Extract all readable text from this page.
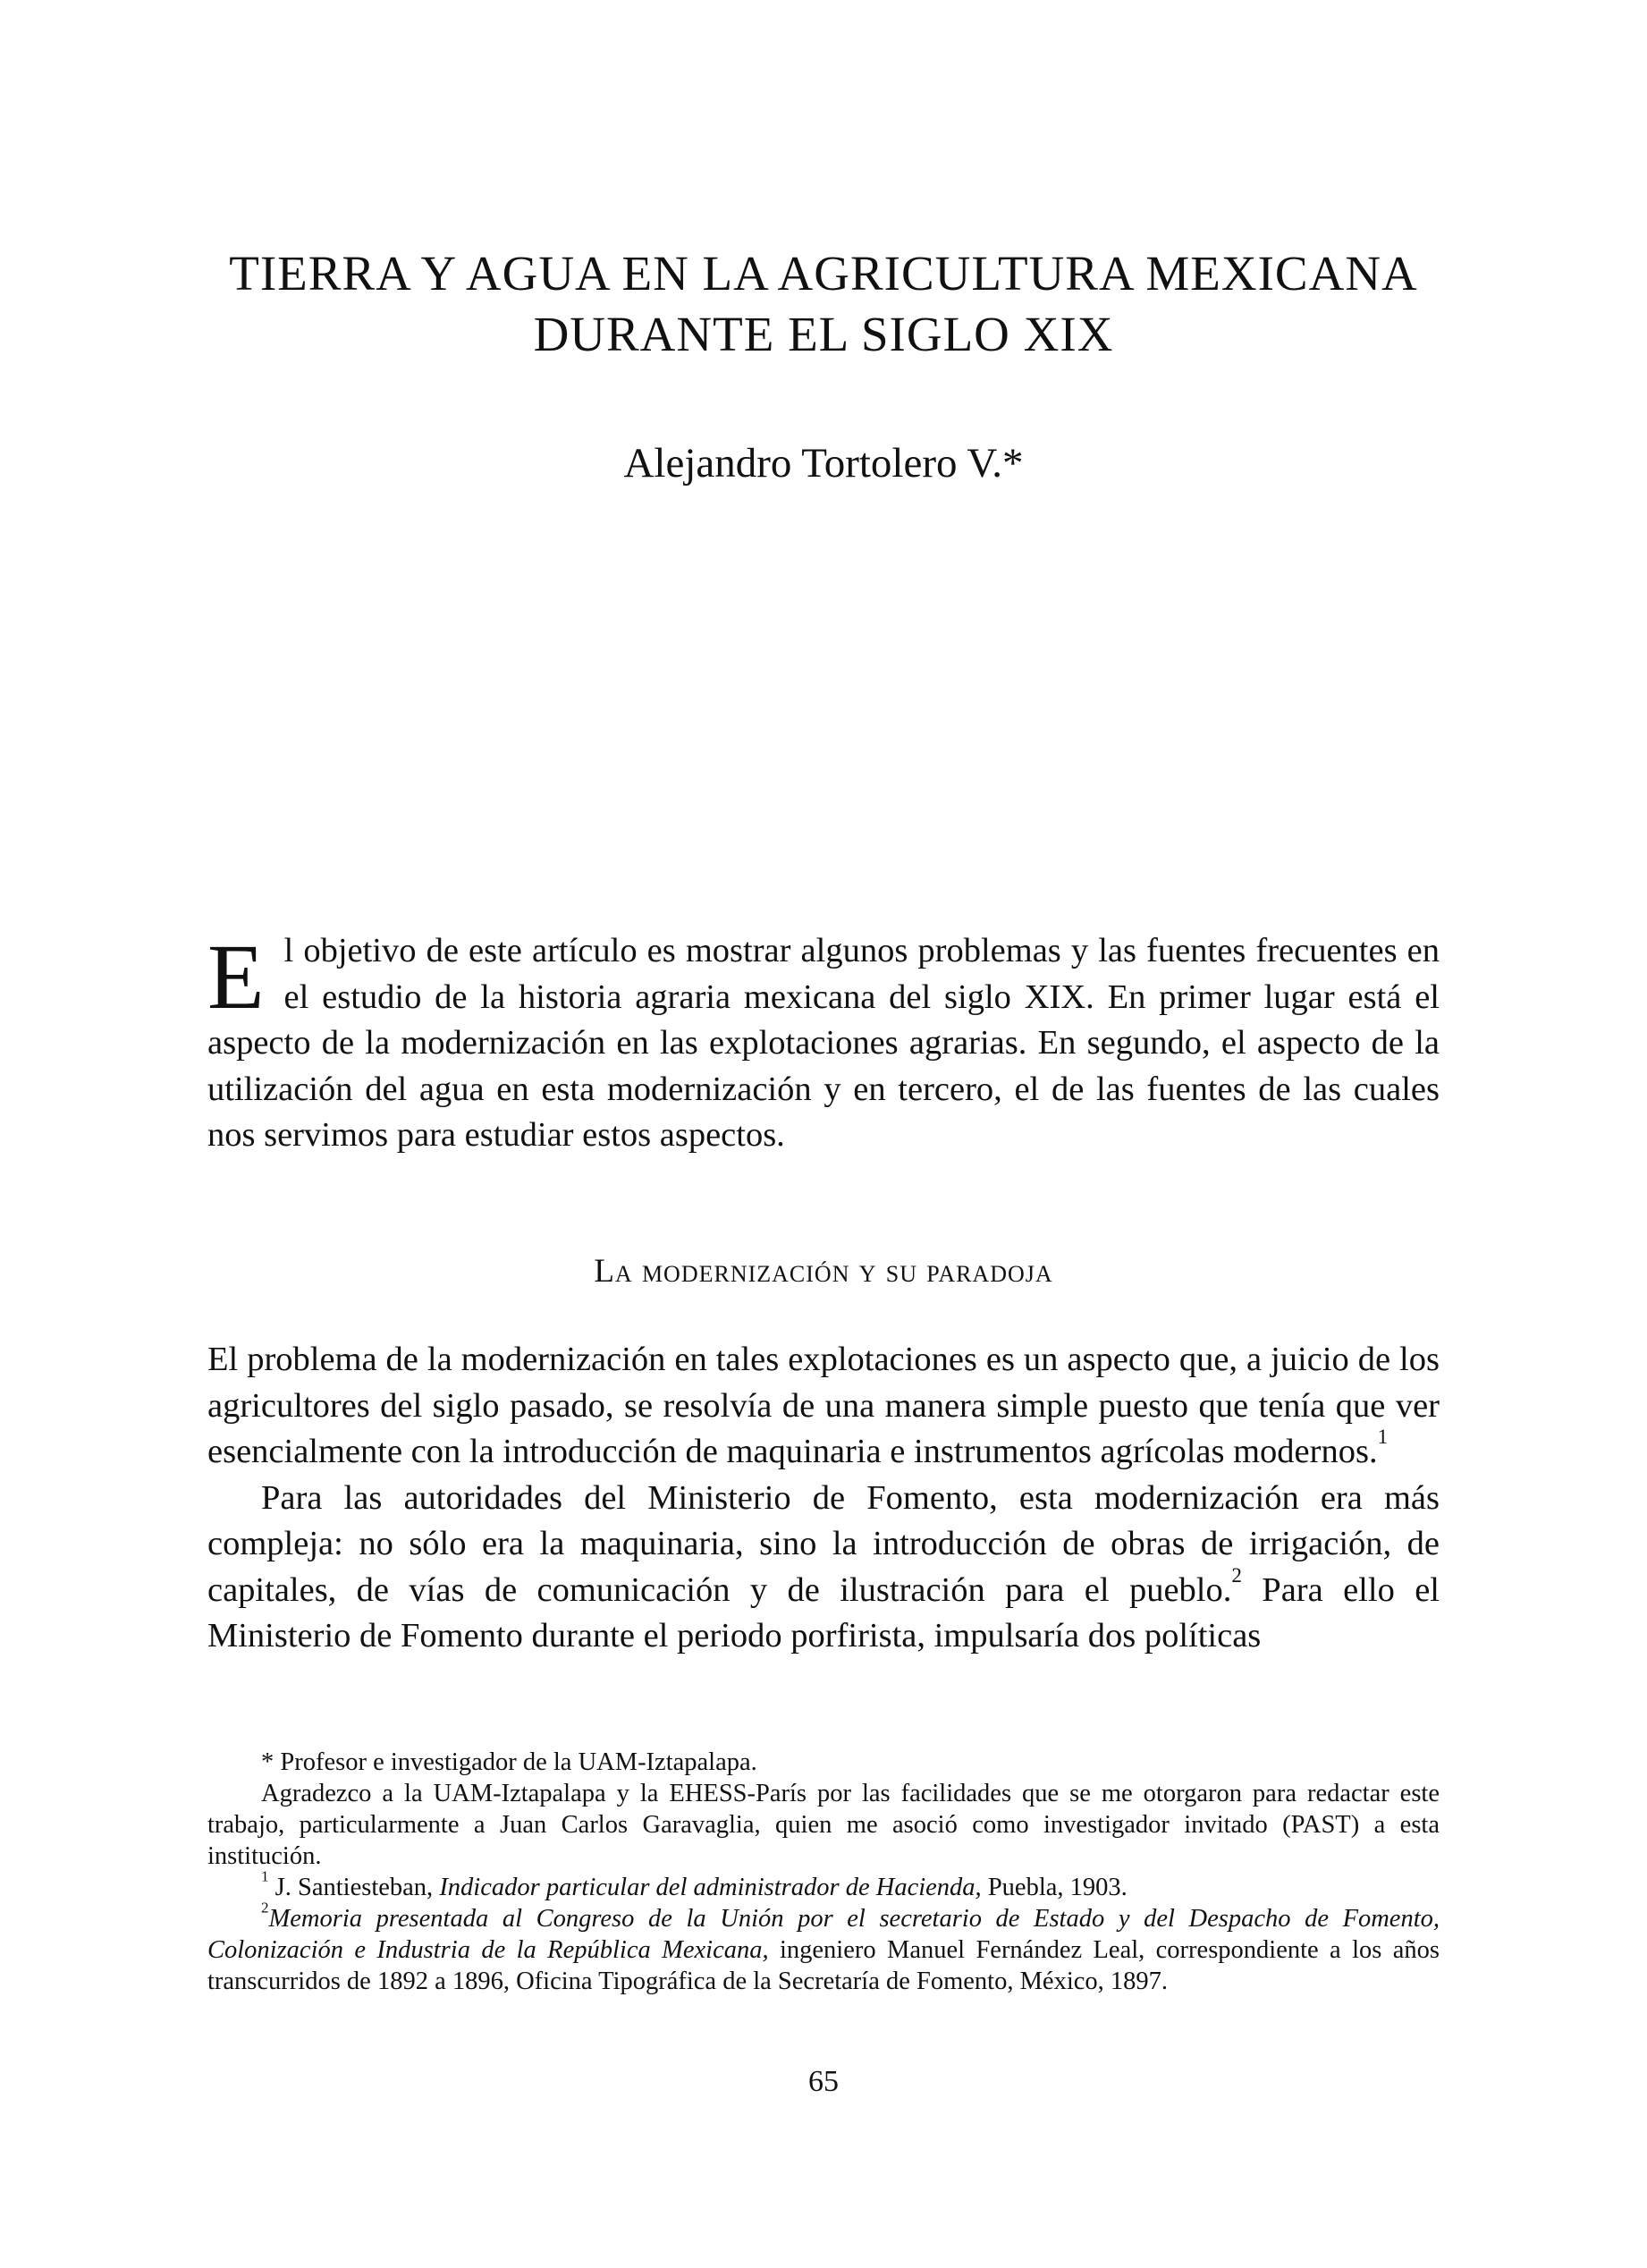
TIERRA Y AGUA EN LA AGRICULTURA MEXICANA
DURANTE EL SIGLO XIX
Alejandro Tortolero V.*
E l objetivo de este artículo es mostrar algunos problemas y las fuentes frecuentes en el estudio de la historia agraria mexicana del siglo XIX. En primer lugar está el aspecto de la modernización en las explotaciones agrarias. En segundo, el aspecto de la utilización del agua en esta modernización y en tercero, el de las fuentes de las cuales nos servimos para estudiar estos aspectos.
La modernización y su paradoja

El problema de la modernización en tales explotaciones es un aspecto que, a juicio de los agricultores del siglo pasado, se resolvía de una manera simple puesto que tenía que ver esencialmente con la introducción de maquinaria e instrumentos agrícolas modernos.$^1$

Para las autoridades del Ministerio de Fomento, esta modernización era más compleja: no sólo era la maquinaria, sino la introducción de obras de irrigación, de capitales, de vías de comunicación y de ilustración para el pueblo.$^2$ Para ello el Ministerio de Fomento durante el periodo porfirista, impulsaría dos políticas

* Profesor e investigador de la UAM-Iztapalapa.

Agradezco a la UAM-Iztapalapa y la EHESS-París por las facilidades que se me otorgaron para redactar este trabajo, particularmente a Juan Carlos Garavaglia, quien me asoció como investigador invitado (PAST) a esta institución.

$^1$ J. Santiesteban, Indicador particular del administrador de Hacienda, Puebla, 1903.

$^2$Memoria presentada al Congreso de la Unión por el secretario de Estado y del Despacho de Fomento, Colonización e Industria de la República Mexicana, ingeniero Manuel Fernández Leal, correspondiente a los años transcurridos de 1892 a 1896, Oficina Tipográfica de la Secretaría de Fomento, México, 1897.

65
